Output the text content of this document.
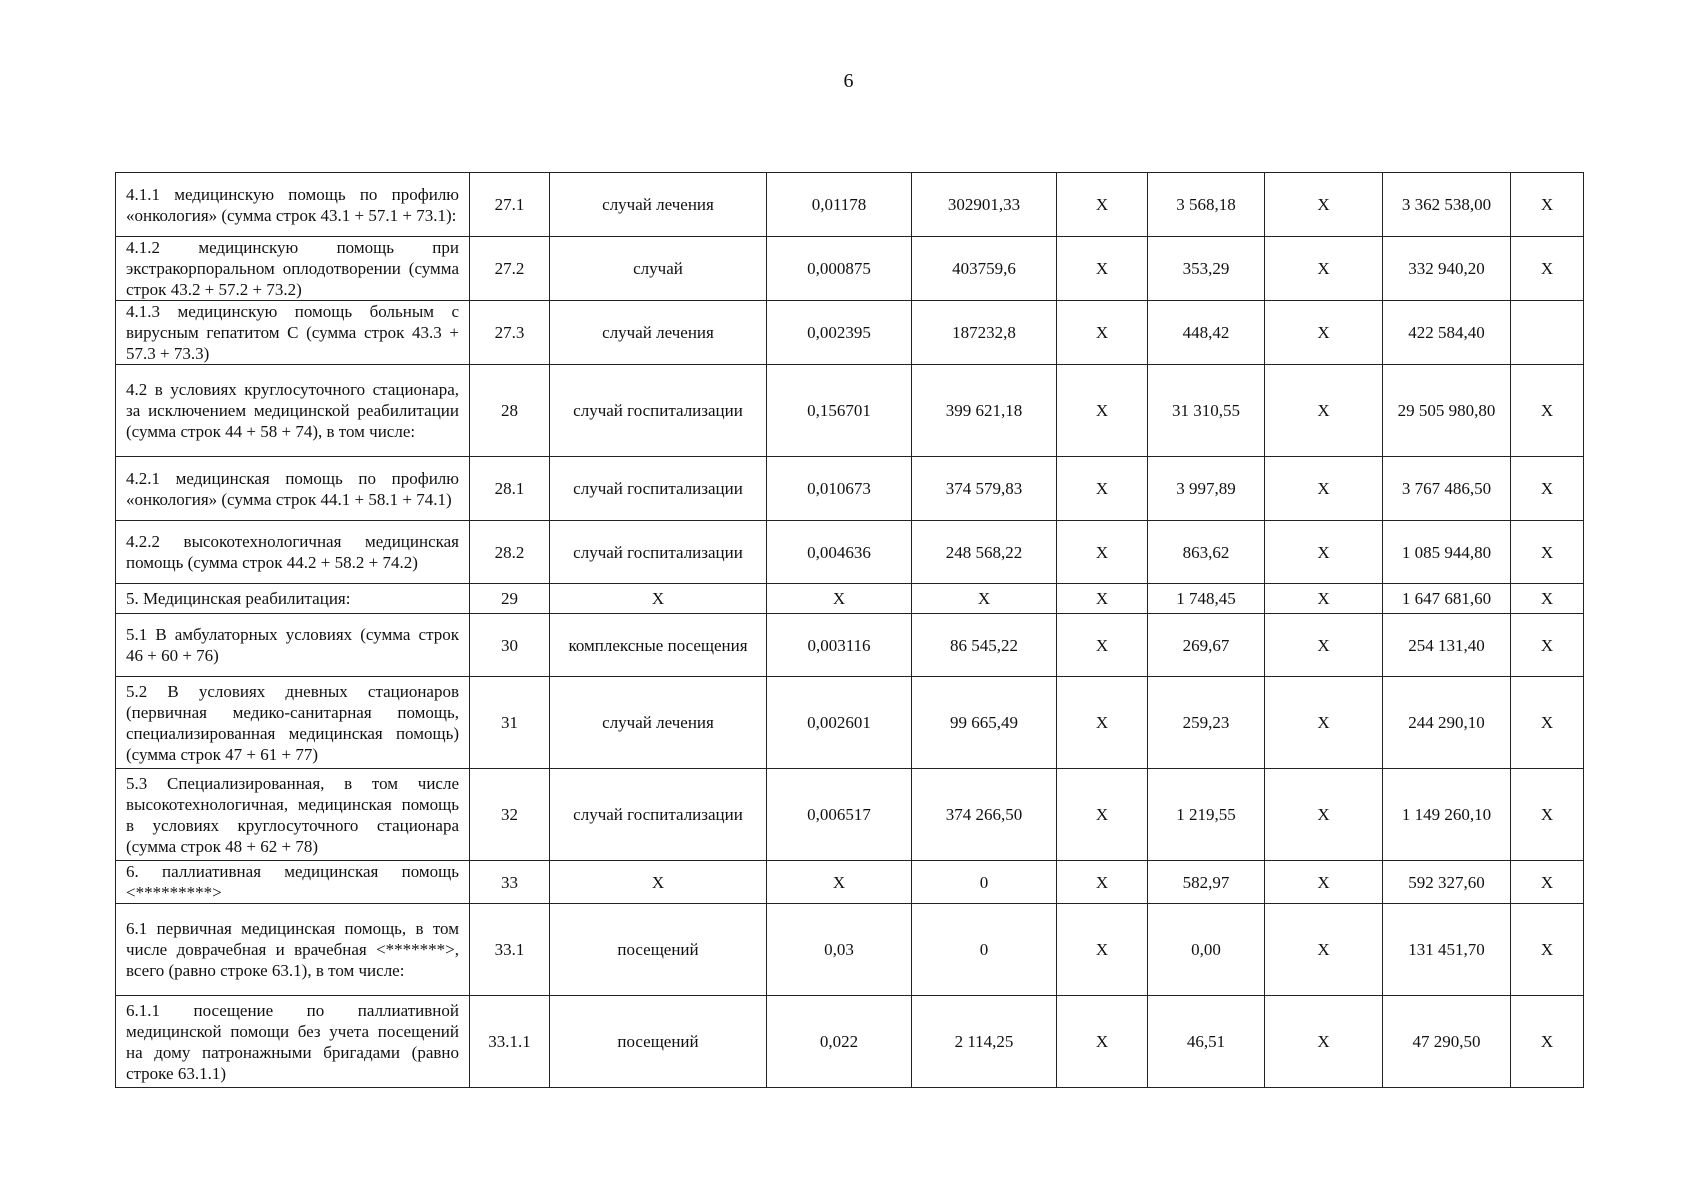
6
4.1.1 медицинскую помощь по профилю «онкология» (сумма строк 43.1 + 57.1 + 73.1):	27.1	случай лечения	0,01178	302901,33	Х	3 568,18	Х	3 362 538,00	Х
4.1.2 медицинскую помощь при экстракорпоральном оплодотворении (сумма строк 43.2 + 57.2 + 73.2)	27.2	случай	0,000875	403759,6	Х	353,29	Х	332 940,20	Х
4.1.3 медицинскую помощь больным с вирусным гепатитом С (сумма строк 43.3 + 57.3 + 73.3)	27.3	случай лечения	0,002395	187232,8	Х	448,42	Х	422 584,40	
4.2 в условиях круглосуточного стационара, за исключением медицинской реабилитации (сумма строк 44 + 58 + 74), в том числе:	28	случай госпитализации	0,156701	399 621,18	Х	31 310,55	Х	29 505 980,80	Х
4.2.1 медицинская помощь по профилю «онкология» (сумма строк 44.1 + 58.1 + 74.1)	28.1	случай госпитализации	0,010673	374 579,83	Х	3 997,89	Х	3 767 486,50	Х
4.2.2 высокотехнологичная медицинская помощь (сумма строк 44.2 + 58.2 + 74.2)	28.2	случай госпитализации	0,004636	248 568,22	Х	863,62	Х	1 085 944,80	Х
5. Медицинская реабилитация:	29	Х	Х	Х	Х	1 748,45	Х	1 647 681,60	Х
5.1 В амбулаторных условиях (сумма строк 46 + 60 + 76)	30	комплексные посещения	0,003116	86 545,22	Х	269,67	Х	254 131,40	Х
5.2 В условиях дневных стационаров (первичная медико-санитарная помощь, специализированная медицинская помощь) (сумма строк 47 + 61 + 77)	31	случай лечения	0,002601	99 665,49	Х	259,23	Х	244 290,10	Х
5.3 Специализированная, в том числе высокотехнологичная, медицинская помощь в условиях круглосуточного стационара (сумма строк 48 + 62 + 78)	32	случай госпитализации	0,006517	374 266,50	Х	1 219,55	Х	1 149 260,10	Х
6. паллиативная медицинская помощь <*********>	33	Х	Х	0	Х	582,97	Х	592 327,60	Х
6.1 первичная медицинская помощь, в том числе доврачебная и врачебная <*******>, всего (равно строке 63.1), в том числе:	33.1	посещений	0,03	0	Х	0,00	Х	131 451,70	Х
6.1.1 посещение по паллиативной медицинской помощи без учета посещений на дому патронажными бригадами (равно строке 63.1.1)	33.1.1	посещений	0,022	2 114,25	Х	46,51	Х	47 290,50	Х
